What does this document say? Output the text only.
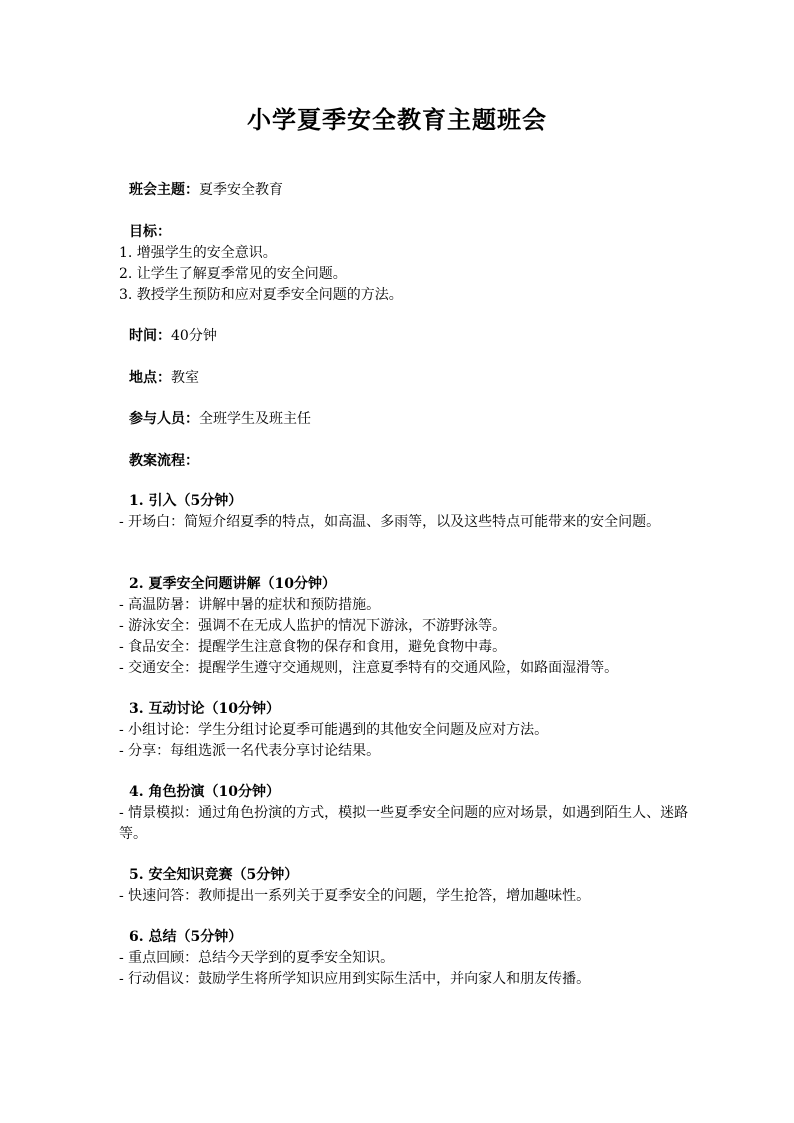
小学夏季安全教育主题班会
班会主题：夏季安全教育
目标：
1. 增强学生的安全意识。
2. 让学生了解夏季常见的安全问题。
3. 教授学生预防和应对夏季安全问题的方法。
时间：40分钟
地点：教室
参与人员：全班学生及班主任
教案流程：
1. 引入（5分钟）
- 开场白：简短介绍夏季的特点，如高温、多雨等，以及这些特点可能带来的安全问题。
2. 夏季安全问题讲解（10分钟）
- 高温防暑：讲解中暑的症状和预防措施。
- 游泳安全：强调不在无成人监护的情况下游泳，不游野泳等。
- 食品安全：提醒学生注意食物的保存和食用，避免食物中毒。
- 交通安全：提醒学生遵守交通规则，注意夏季特有的交通风险，如路面湿滑等。
3. 互动讨论（10分钟）
- 小组讨论：学生分组讨论夏季可能遇到的其他安全问题及应对方法。
- 分享：每组选派一名代表分享讨论结果。
4. 角色扮演（10分钟）
- 情景模拟：通过角色扮演的方式，模拟一些夏季安全问题的应对场景，如遇到陌生人、迷路等。
5. 安全知识竞赛（5分钟）
- 快速问答：教师提出一系列关于夏季安全的问题，学生抢答，增加趣味性。
6. 总结（5分钟）
- 重点回顾：总结今天学到的夏季安全知识。
- 行动倡议：鼓励学生将所学知识应用到实际生活中，并向家人和朋友传播。
